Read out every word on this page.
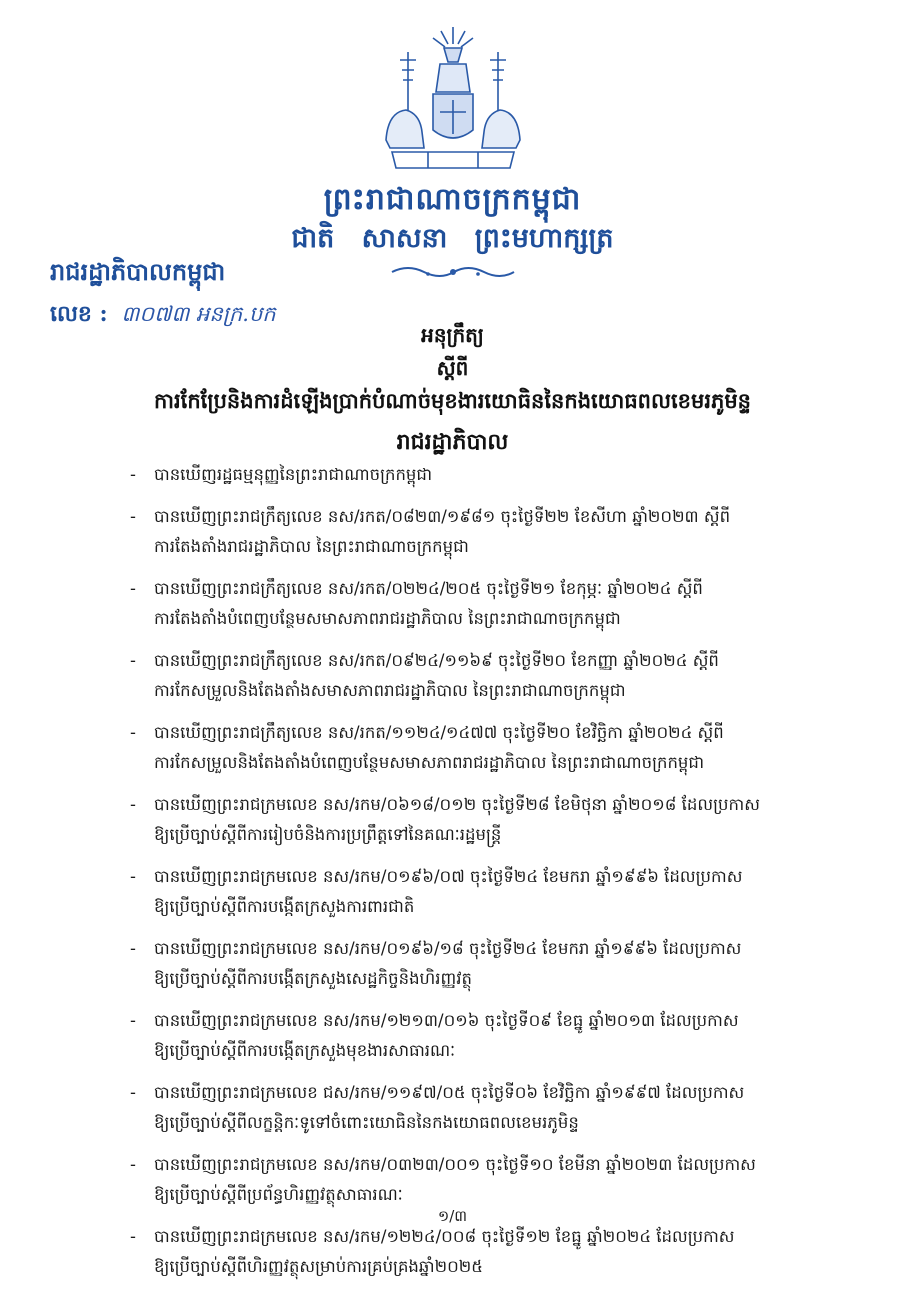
ព្រះរាជាណាចក្រកម្ពុជា
ជាតិ សាសនា ព្រះមហាក្សត្រ
រាជរដ្ឋាភិបាលកម្ពុជា
លេខ : ៣០៧៣ អនក្រ.បក
អនុក្រឹត្យ
ស្តីពី
ការកែប្រែនិងការដំឡើងប្រាក់បំណាច់មុខងារយោធិននៃកងយោធពលខេមរភូមិន្ទ
រាជរដ្ឋាភិបាល
- បានឃើញរដ្ឋធម្មនុញ្ញនៃព្រះរាជាណាចក្រកម្ពុជា
- បានឃើញព្រះរាជក្រឹត្យលេខ នស/រកត/០៨២៣/១៩៨១ ចុះថ្ងៃទី២២ ខែសីហា ឆ្នាំ២០២៣ ស្តីពី
ការតែងតាំងរាជរដ្ឋាភិបាល នៃព្រះរាជាណាចក្រកម្ពុជា
- បានឃើញព្រះរាជក្រឹត្យលេខ នស/រកត/០២២៤/២០៥ ចុះថ្ងៃទី២១ ខែកុម្ភៈ ឆ្នាំ២០២៤ ស្តីពី
ការតែងតាំងបំពេញបន្ថែមសមាសភាពរាជរដ្ឋាភិបាល នៃព្រះរាជាណាចក្រកម្ពុជា
- បានឃើញព្រះរាជក្រឹត្យលេខ នស/រកត/០៩២៤/១១៦៩ ចុះថ្ងៃទី២០ ខែកញ្ញា ឆ្នាំ២០២៤ ស្តីពី
ការកែសម្រួលនិងតែងតាំងសមាសភាពរាជរដ្ឋាភិបាល នៃព្រះរាជាណាចក្រកម្ពុជា
- បានឃើញព្រះរាជក្រឹត្យលេខ នស/រកត/១១២៤/១៤៧៧ ចុះថ្ងៃទី២០ ខែវិច្ឆិកា ឆ្នាំ២០២៤ ស្តីពី
ការកែសម្រួលនិងតែងតាំងបំពេញបន្ថែមសមាសភាពរាជរដ្ឋាភិបាល នៃព្រះរាជាណាចក្រកម្ពុជា
- បានឃើញព្រះរាជក្រមលេខ នស/រកម/០៦១៨/០១២ ចុះថ្ងៃទី២៨ ខែមិថុនា ឆ្នាំ២០១៨ ដែលប្រកាស
ឱ្យប្រើច្បាប់ស្តីពីការរៀបចំនិងការប្រព្រឹត្តទៅនៃគណៈរដ្ឋមន្ត្រី
- បានឃើញព្រះរាជក្រមលេខ នស/រកម/០១៩៦/០៧ ចុះថ្ងៃទី២៤ ខែមករា ឆ្នាំ១៩៩៦ ដែលប្រកាស
ឱ្យប្រើច្បាប់ស្តីពីការបង្កើតក្រសួងការពារជាតិ
- បានឃើញព្រះរាជក្រមលេខ នស/រកម/០១៩៦/១៨ ចុះថ្ងៃទី២៤ ខែមករា ឆ្នាំ១៩៩៦ ដែលប្រកាស
ឱ្យប្រើច្បាប់ស្តីពីការបង្កើតក្រសួងសេដ្ឋកិច្ចនិងហិរញ្ញវត្ថុ
- បានឃើញព្រះរាជក្រមលេខ នស/រកម/១២១៣/០១៦ ចុះថ្ងៃទី០៩ ខែធ្នូ ឆ្នាំ២០១៣ ដែលប្រកាស
ឱ្យប្រើច្បាប់ស្តីពីការបង្កើតក្រសួងមុខងារសាធារណៈ
- បានឃើញព្រះរាជក្រមលេខ ជស/រកម/១១៩៧/០៥ ចុះថ្ងៃទី០៦ ខែវិច្ឆិកា ឆ្នាំ១៩៩៧ ដែលប្រកាស
ឱ្យប្រើច្បាប់ស្តីពីលក្ខន្តិកៈទូទៅចំពោះយោធិននៃកងយោធពលខេមរភូមិន្ទ
- បានឃើញព្រះរាជក្រមលេខ នស/រកម/០៣២៣/០០១ ចុះថ្ងៃទី១០ ខែមីនា ឆ្នាំ២០២៣ ដែលប្រកាស
ឱ្យប្រើច្បាប់ស្តីពីប្រព័ន្ធហិរញ្ញវត្ថុសាធារណៈ
- បានឃើញព្រះរាជក្រមលេខ នស/រកម/១២២៤/០០៨ ចុះថ្ងៃទី១២ ខែធ្នូ ឆ្នាំ២០២៤ ដែលប្រកាស
ឱ្យប្រើច្បាប់ស្តីពីហិរញ្ញវត្ថុសម្រាប់ការគ្រប់គ្រងឆ្នាំ២០២៥
១/៣
